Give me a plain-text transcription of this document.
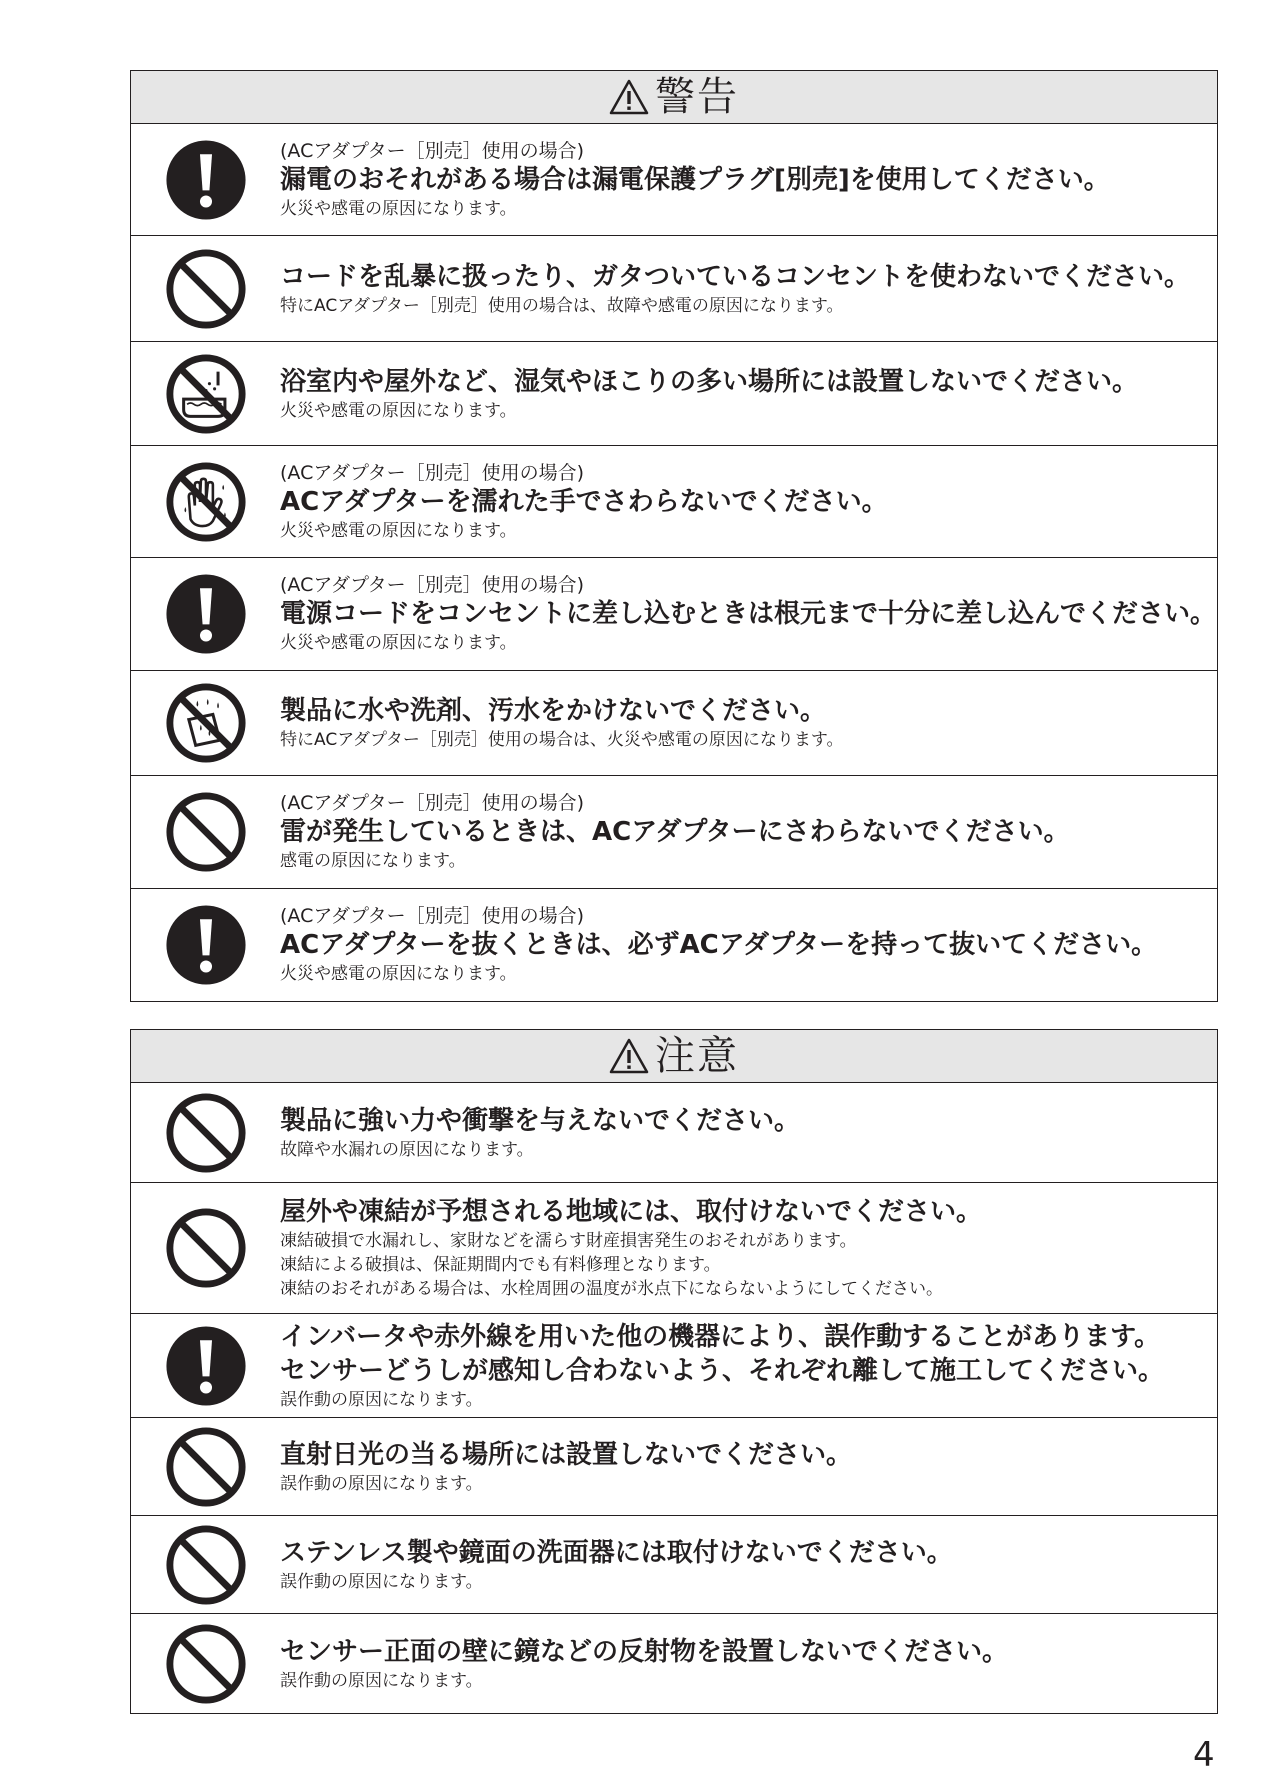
警告
(ACアダプター［別売］使用の場合)
漏電のおそれがある場合は漏電保護プラグ[別売]を使用してください。
火災や感電の原因になります。
コードを乱暴に扱ったり、ガタついているコンセントを使わないでください。
特にACアダプター［別売］使用の場合は、故障や感電の原因になります。
浴室内や屋外など、湿気やほこりの多い場所には設置しないでください。
火災や感電の原因になります。
(ACアダプター［別売］使用の場合)
ACアダプターを濡れた手でさわらないでください。
火災や感電の原因になります。
(ACアダプター［別売］使用の場合)
電源コードをコンセントに差し込むときは根元まで十分に差し込んでください。
火災や感電の原因になります。
製品に水や洗剤、汚水をかけないでください。
特にACアダプター［別売］使用の場合は、火災や感電の原因になります。
(ACアダプター［別売］使用の場合)
雷が発生しているときは、ACアダプターにさわらないでください。
感電の原因になります。
(ACアダプター［別売］使用の場合)
ACアダプターを抜くときは、必ずACアダプターを持って抜いてください。
火災や感電の原因になります。
注意
製品に強い力や衝撃を与えないでください。
故障や水漏れの原因になります。
屋外や凍結が予想される地域には、取付けないでください。
凍結破損で水漏れし、家財などを濡らす財産損害発生のおそれがあります。
凍結による破損は、保証期間内でも有料修理となります。
凍結のおそれがある場合は、水栓周囲の温度が氷点下にならないようにしてください。
インバータや赤外線を用いた他の機器により、誤作動することがあります。
センサーどうしが感知し合わないよう、それぞれ離して施工してください。
誤作動の原因になります。
直射日光の当る場所には設置しないでください。
誤作動の原因になります。
ステンレス製や鏡面の洗面器には取付けないでください。
誤作動の原因になります。
センサー正面の壁に鏡などの反射物を設置しないでください。
誤作動の原因になります。
4
